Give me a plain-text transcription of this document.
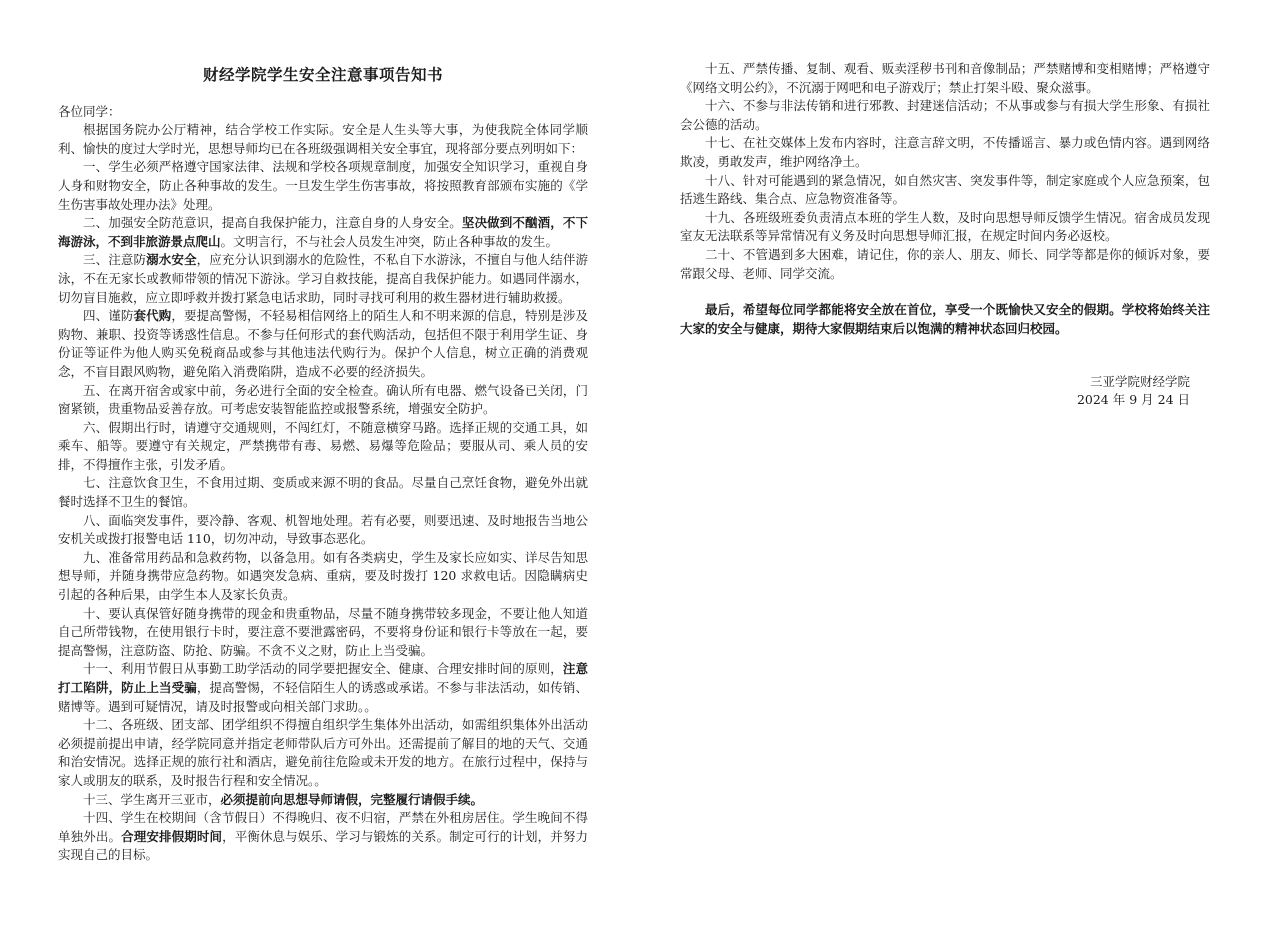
财经学院学生安全注意事项告知书
各位同学：

根据国务院办公厅精神，结合学校工作实际。安全是人生头等大事，为使我院全体同学顺利、愉快的度过大学时光，思想导师均已在各班级强调相关安全事宜，现将部分要点列明如下：

一、学生必须严格遵守国家法律、法规和学校各项规章制度，加强安全知识学习，重视自身人身和财物安全，防止各种事故的发生。一旦发生学生伤害事故，将按照教育部颁布实施的《学生伤害事故处理办法》处理。

二、加强安全防范意识，提高自我保护能力，注意自身的人身安全。坚决做到不酗酒，不下海游泳，不到非旅游景点爬山。文明言行，不与社会人员发生冲突，防止各种事故的发生。

三、注意防溺水安全，应充分认识到溺水的危险性，不私自下水游泳，不擅自与他人结伴游泳，不在无家长或教师带领的情况下游泳。学习自救技能，提高自我保护能力。如遇同伴溺水，切勿盲目施救，应立即呼救并拨打紧急电话求助，同时寻找可利用的救生器材进行辅助救援。

四、谨防套代购，要提高警惕，不轻易相信网络上的陌生人和不明来源的信息，特别是涉及购物、兼职、投资等诱惑性信息。不参与任何形式的套代购活动，包括但不限于利用学生证、身份证等证件为他人购买免税商品或参与其他违法代购行为。保护个人信息，树立正确的消费观念，不盲目跟风购物，避免陷入消费陷阱，造成不必要的经济损失。

五、在离开宿舍或家中前，务必进行全面的安全检查。确认所有电器、燃气设备已关闭，门窗紧锁，贵重物品妥善存放。可考虑安装智能监控或报警系统，增强安全防护。

六、假期出行时，请遵守交通规则，不闯红灯，不随意横穿马路。选择正规的交通工具，如乘车、船等。要遵守有关规定，严禁携带有毒、易燃、易爆等危险品；要服从司、乘人员的安排，不得擅作主张，引发矛盾。

七、注意饮食卫生，不食用过期、变质或来源不明的食品。尽量自己烹饪食物，避免外出就餐时选择不卫生的餐馆。

八、面临突发事件，要冷静、客观、机智地处理。若有必要，则要迅速、及时地报告当地公安机关或拨打报警电话 110，切勿冲动，导致事态恶化。

九、准备常用药品和急救药物，以备急用。如有各类病史，学生及家长应如实、详尽告知思想导师，并随身携带应急药物。如遇突发急病、重病，要及时拨打 120 求救电话。因隐瞒病史引起的各种后果，由学生本人及家长负责。

十、要认真保管好随身携带的现金和贵重物品，尽量不随身携带较多现金，不要让他人知道自己所带钱物，在使用银行卡时，要注意不要泄露密码，不要将身份证和银行卡等放在一起，要提高警惕，注意防盗、防抢、防骗。不贪不义之财，防止上当受骗。

十一、利用节假日从事勤工助学活动的同学要把握安全、健康、合理安排时间的原则，注意打工陷阱，防止上当受骗，提高警惕，不轻信陌生人的诱惑或承诺。不参与非法活动，如传销、赌博等。遇到可疑情况，请及时报警或向相关部门求助。。

十二、各班级、团支部、团学组织不得擅自组织学生集体外出活动，如需组织集体外出活动必须提前提出申请，经学院同意并指定老师带队后方可外出。还需提前了解目的地的天气、交通和治安情况。选择正规的旅行社和酒店，避免前往危险或未开发的地方。在旅行过程中，保持与家人或朋友的联系，及时报告行程和安全情况。。

十三、学生离开三亚市，必须提前向思想导师请假，完整履行请假手续。

十四、学生在校期间（含节假日）不得晚归、夜不归宿，严禁在外租房居住。学生晚间不得单独外出。合理安排假期时间，平衡休息与娱乐、学习与锻炼的关系。制定可行的计划，并努力实现自己的目标。

十五、严禁传播、复制、观看、贩卖淫秽书刊和音像制品；严禁赌博和变相赌博；严格遵守《网络文明公约》，不沉溺于网吧和电子游戏厅；禁止打架斗殴、聚众滋事。

十六、不参与非法传销和进行邪教、封建迷信活动；不从事或参与有损大学生形象、有损社会公德的活动。

十七、在社交媒体上发布内容时，注意言辞文明，不传播谣言、暴力或色情内容。遇到网络欺凌，勇敢发声，维护网络净土。

十八、针对可能遇到的紧急情况，如自然灾害、突发事件等，制定家庭或个人应急预案，包括逃生路线、集合点、应急物资准备等。

十九、各班级班委负责清点本班的学生人数，及时向思想导师反馈学生情况。宿舍成员发现室友无法联系等异常情况有义务及时向思想导师汇报，在规定时间内务必返校。

二十、不管遇到多大困难，请记住，你的亲人、朋友、师长、同学等都是你的倾诉对象，要常跟父母、老师、同学交流。

最后，希望每位同学都能将安全放在首位，享受一个既愉快又安全的假期。学校将始终关注大家的安全与健康，期待大家假期结束后以饱满的精神状态回归校园。

三亚学院财经学院
2024 年 9 月 24 日
